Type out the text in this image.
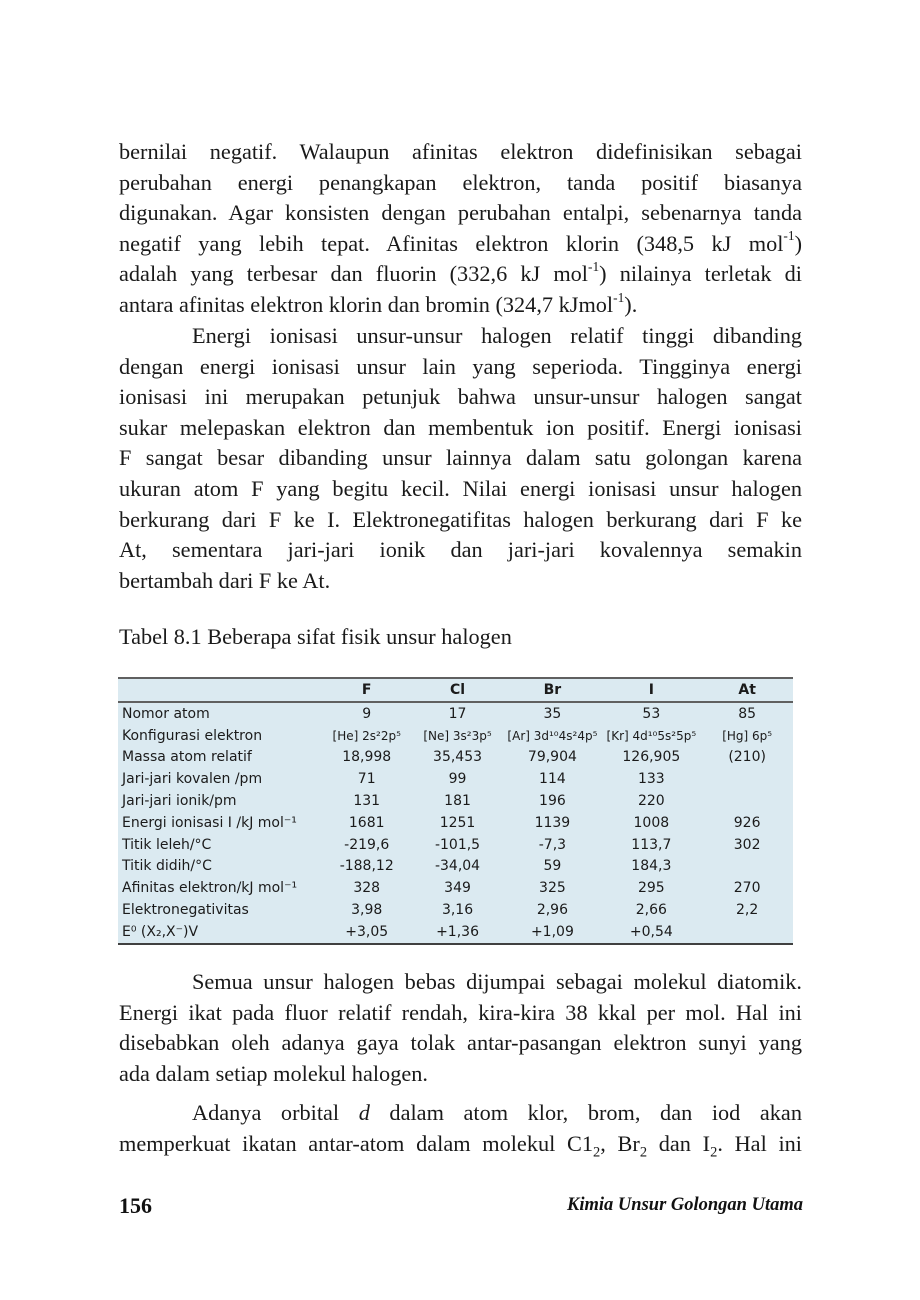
bernilai negatif. Walaupun afinitas elektron didefinisikan sebagai
perubahan energi penangkapan elektron, tanda positif biasanya
digunakan. Agar konsisten dengan perubahan entalpi, sebenarnya tanda
negatif yang lebih tepat. Afinitas elektron klorin (348,5 kJ mol$^{-1}$)
adalah yang terbesar dan fluorin (332,6 kJ mol$^{-1}$) nilainya terletak di
antara afinitas elektron klorin dan bromin (324,7 kJmol$^{-1}$).
Energi ionisasi unsur-unsur halogen relatif tinggi dibanding
dengan energi ionisasi unsur lain yang seperioda. Tingginya energi
ionisasi ini merupakan petunjuk bahwa unsur-unsur halogen sangat
sukar melepaskan elektron dan membentuk ion positif. Energi ionisasi
F sangat besar dibanding unsur lainnya dalam satu golongan karena
ukuran atom F yang begitu kecil. Nilai energi ionisasi unsur halogen
berkurang dari F ke I. Elektronegatifitas halogen berkurang dari F ke
At, sementara jari-jari ionik dan jari-jari kovalennya semakin
bertambah dari F ke At.
Tabel 8.1 Beberapa sifat fisik unsur halogen
	F	Cl	Br	I	At
Nomor atom	9	17	35	53	85
Konfigurasi elektron	[He] 2s²2p⁵	[Ne] 3s²3p⁵	[Ar] 3d¹⁰4s²4p⁵	[Kr] 4d¹⁰5s²5p⁵	[Hg] 6p⁵
Massa atom relatif	18,998	35,453	79,904	126,905	(210)
Jari-jari kovalen /pm	71	99	114	133	
Jari-jari ionik/pm	131	181	196	220	
Energi ionisasi I /kJ mol⁻¹	1681	1251	1139	1008	926
Titik leleh/°C	-219,6	-101,5	-7,3	113,7	302
Titik didih/°C	-188,12	-34,04	59	184,3	
Afinitas elektron/kJ mol⁻¹	328	349	325	295	270
Elektronegativitas	3,98	3,16	2,96	2,66	2,2
E⁰ (X₂,X⁻)V	+3,05	+1,36	+1,09	+0,54	
Semua unsur halogen bebas dijumpai sebagai molekul diatomik.
Energi ikat pada fluor relatif rendah, kira-kira 38 kkal per mol. Hal ini
disebabkan oleh adanya gaya tolak antar-pasangan elektron sunyi yang
ada dalam setiap molekul halogen.
Adanya orbital d dalam atom klor, brom, dan iod akan
memperkuat ikatan antar-atom dalam molekul $C1_2$, $Br_2$ dan $I_2$. Hal ini
156	Kimia Unsur Golongan Utama
